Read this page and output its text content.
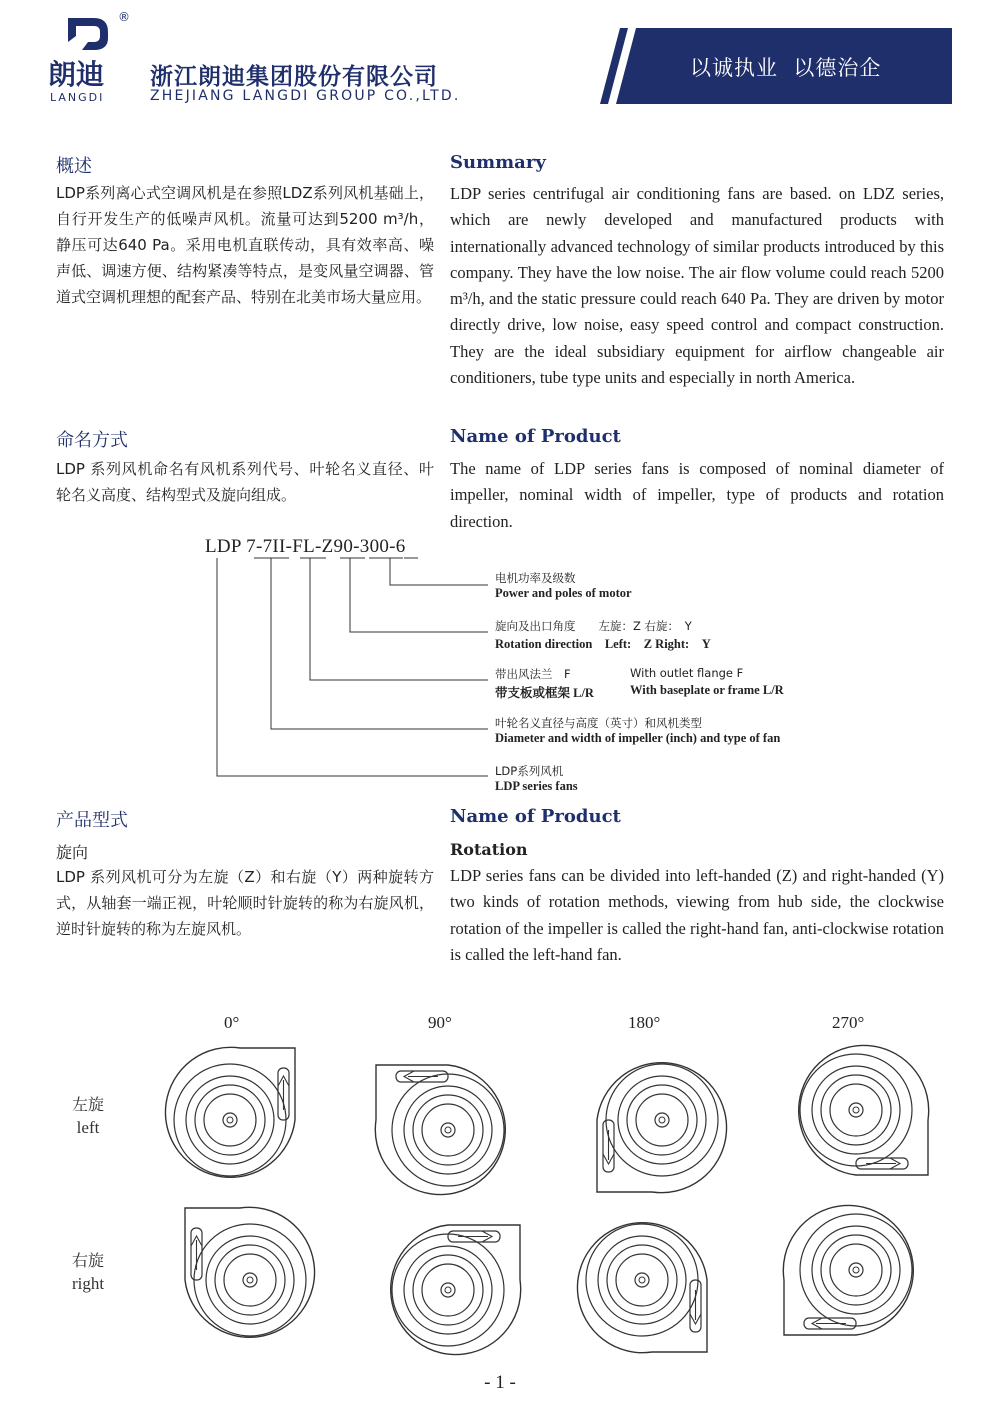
朗迪
LANGDI
®
浙江朗迪集团股份有限公司
ZHEJIANG LANGDI GROUP CO.,LTD.
以诚执业  以德治企
概述	Summary
LDP系列离心式空调风机是在参照LDZ系列风机基础上，自行开发生产的低噪声风机。流量可达到5200 m³/h，静压可达640 Pa。采用电机直联传动，具有效率高、噪声低、调速方便、结构紧凑等特点，是变风量空调器、管道式空调机理想的配套产品、特别在北美市场大量应用。
LDP series centrifugal air conditioning fans are based. on LDZ series, which are newly developed and manufactured products with internationally advanced technology of similar products introduced by this company. They have the low noise. The air flow volume could reach 5200 m³/h, and the static pressure could reach 640 Pa. They are driven by motor directly drive, low noise, easy speed control and compact construction. They are the ideal subsidiary equipment for airflow changeable air conditioners, tube type units and especially in north America.
命名方式	Name of Product
LDP 系列风机命名有风机系列代号、叶轮名义直径、叶轮名义高度、结构型式及旋向组成。
The name of LDP series fans is composed of nominal diameter of impeller, nominal width of impeller, type of products and rotation direction.
LDP 7-7II-FL-Z90-300-6
电机功率及级数
Power and poles of motor
旋向及出口角度　　左旋：Z 右旋：　Y
Rotation direction　Left:　Z Right:　Y
带出风法兰　F	With outlet flange F
带支板或框架 L/R	With baseplate or frame L/R
叶轮名义直径与高度（英寸）和风机类型
Diameter and width of impeller (inch) and type of fan
LDP系列风机
LDP series fans
产品型式	Name of Product
旋向	Rotation
LDP 系列风机可分为左旋（Z）和右旋（Y）两种旋转方式，从轴套一端正视，叶轮顺时针旋转的称为右旋风机，逆时针旋转的称为左旋风机。
LDP series fans can be divided into left-handed (Z) and right-handed (Y) two kinds of rotation methods, viewing from hub side, the clockwise rotation of the impeller is called the right-hand fan, anti-clockwise rotation is called the left-hand fan.
0°	90°	180°	270°
左旋
left
右旋
right
- 1 -
